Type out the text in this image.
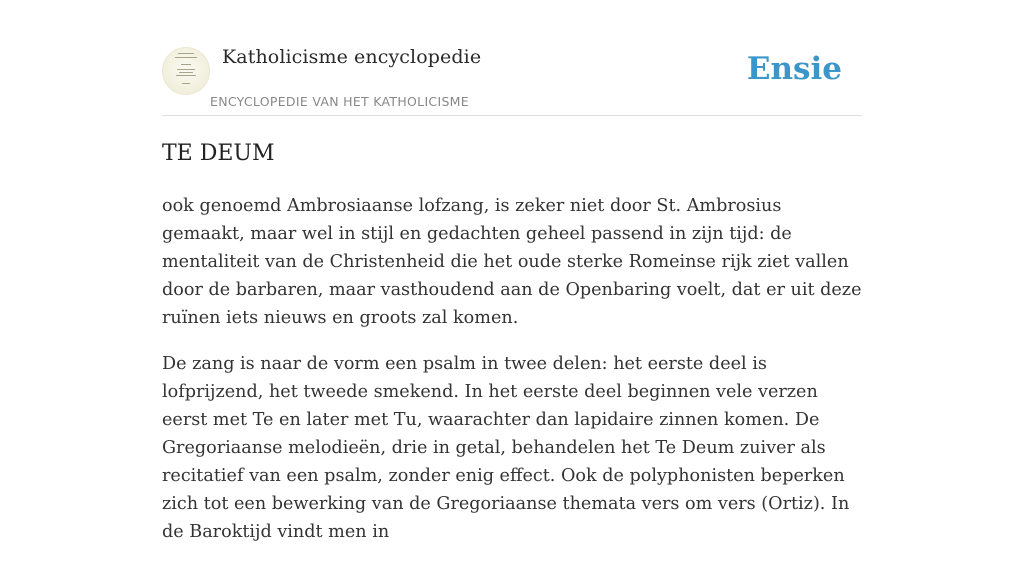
Katholicisme encyclopedie
ENCYCLOPEDIE VAN HET KATHOLICISME
Ensie
TE DEUM

ook genoemd Ambrosiaanse lofzang, is zeker niet door St. Ambrosius gemaakt, maar wel in stijl en gedachten geheel passend in zijn tijd: de mentaliteit van de Christenheid die het oude sterke Romeinse rijk ziet vallen door de barbaren, maar vasthoudend aan de Openbaring voelt, dat er uit deze ruïnen iets nieuws en groots zal komen.

De zang is naar de vorm een psalm in twee delen: het eerste deel is lofprijzend, het tweede smekend. In het eerste deel beginnen vele verzen eerst met Te en later met Tu, waarachter dan lapidaire zinnen komen. De Gregoriaanse melodieën, drie in getal, behandelen het Te Deum zuiver als recitatief van een psalm, zonder enig effect. Ook de polyphonisten beperken zich tot een bewerking van de Gregoriaanse themata vers om vers (Ortiz). In de Baroktijd vindt men in
